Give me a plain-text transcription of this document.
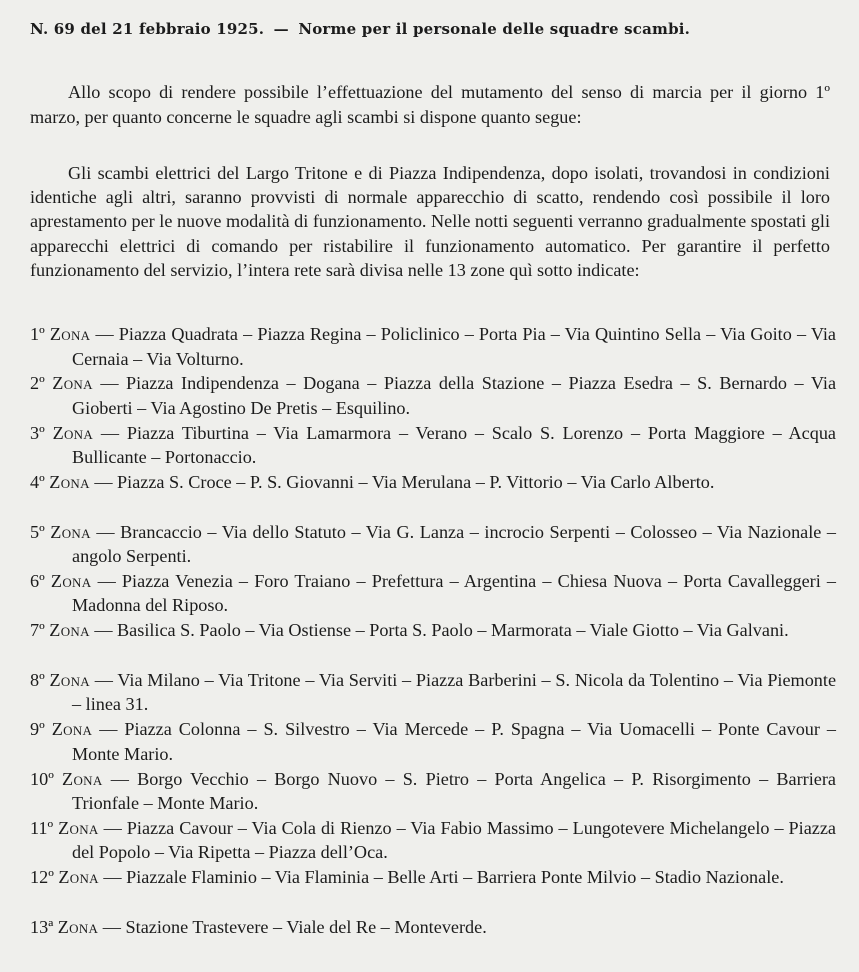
N. 69 del 21 febbraio 1925. — Norme per il personale delle squadre scambi.

Allo scopo di rendere possibile l’effettuazione del mutamento del senso di marcia per il giorno 1º marzo, per quanto concerne le squadre agli scambi si dispone quanto segue:

Gli scambi elettrici del Largo Tritone e di Piazza Indipendenza, dopo isolati, trovandosi in condizioni identiche agli altri, saranno provvisti di normale apparecchio di scatto, rendendo così possibile il loro aprestamento per le nuove modalità di funzionamento. Nelle notti seguenti verranno gradualmente spostati gli apparecchi elettrici di comando per ristabilire il funzionamento automatico. Per garantire il perfetto funzionamento del servizio, l’intera rete sarà divisa nelle 13 zone quì sotto indicate:

1º Zona — Piazza Quadrata – Piazza Regina – Policlinico – Porta Pia – Via Quintino Sella – Via Goito – Via Cernaia – Via Volturno.
2º Zona — Piazza Indipendenza – Dogana – Piazza della Stazione – Piazza Esedra – S. Bernardo – Via Gioberti – Via Agostino De Pretis – Esquilino.
3º Zona — Piazza Tiburtina – Via Lamarmora – Verano – Scalo S. Lorenzo – Porta Maggiore – Acqua Bullicante – Portonaccio.
4º Zona — Piazza S. Croce – P. S. Giovanni – Via Merulana – P. Vittorio – Via Carlo Alberto.
5º Zona — Brancaccio – Via dello Statuto – Via G. Lanza – incrocio Serpenti – Colosseo – Via Nazionale – angolo Serpenti.
6º Zona — Piazza Venezia – Foro Traiano – Prefettura – Argentina – Chiesa Nuova – Porta Cavalleggeri – Madonna del Riposo.
7º Zona — Basilica S. Paolo – Via Ostiense – Porta S. Paolo – Marmorata – Viale Giotto – Via Galvani.
8º Zona — Via Milano – Via Tritone – Via Serviti – Piazza Barberini – S. Nicola da Tolentino – Via Piemonte – linea 31.
9º Zona — Piazza Colonna – S. Silvestro – Via Mercede – P. Spagna – Via Uomacelli – Ponte Cavour – Monte Mario.
10º Zona — Borgo Vecchio – Borgo Nuovo – S. Pietro – Porta Angelica – P. Risorgimento – Barriera Trionfale – Monte Mario.
11º Zona — Piazza Cavour – Via Cola di Rienzo – Via Fabio Massimo – Lungotevere Michelangelo – Piazza del Popolo – Via Ripetta – Piazza dell’Oca.
12º Zona — Piazzale Flaminio – Via Flaminia – Belle Arti – Barriera Ponte Milvio – Stadio Nazionale.
13ª Zona — Stazione Trastevere – Viale del Re – Monteverde.
